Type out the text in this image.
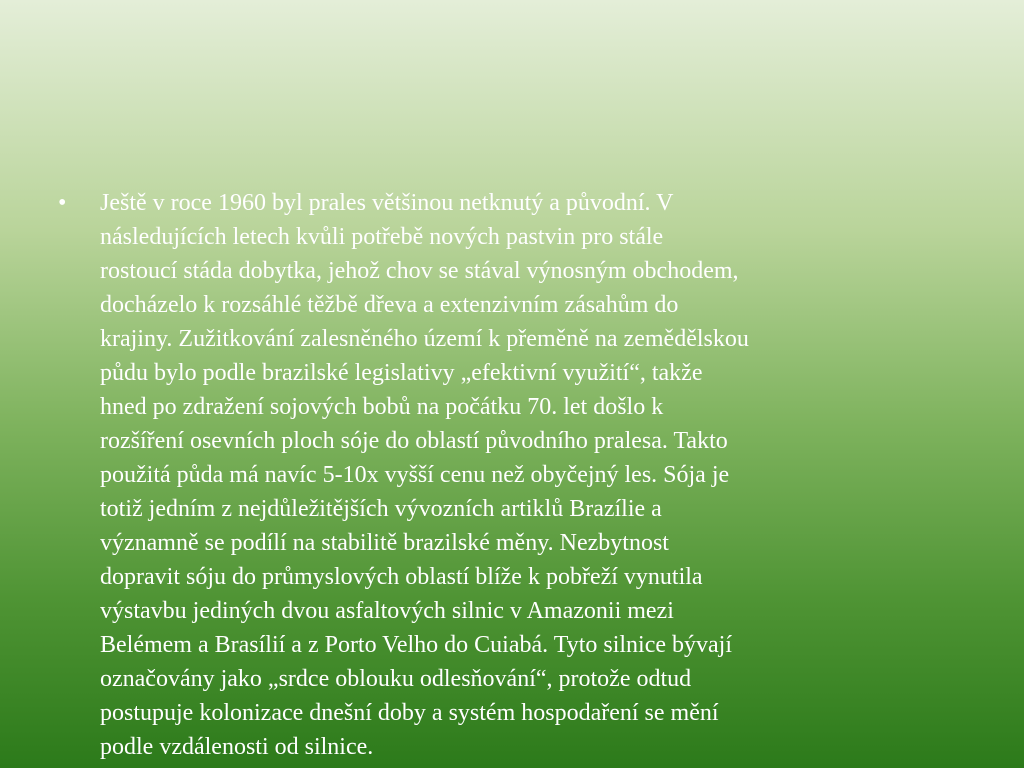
•	Ještě v roce 1960 byl prales většinou netknutý a původní. V
následujících letech kvůli potřebě nových pastvin pro stále
rostoucí stáda dobytka, jehož chov se stával výnosným obchodem,
docházelo k rozsáhlé těžbě dřeva a extenzivním zásahům do
krajiny. Zužitkování zalesněného území k přeměně na zemědělskou
půdu bylo podle brazilské legislativy „efektivní využití“, takže
hned po zdražení sojových bobů na počátku 70. let došlo k
rozšíření osevních ploch sóje do oblastí původního pralesa. Takto
použitá půda má navíc 5-10x vyšší cenu než obyčejný les. Sója je
totiž jedním z nejdůležitějších vývozních artiklů Brazílie a
významně se podílí na stabilitě brazilské měny. Nezbytnost
dopravit sóju do průmyslových oblastí blíže k pobřeží vynutila
výstavbu jediných dvou asfaltových silnic v Amazonii mezi
Belémem a Brasílií a z Porto Velho do Cuiabá. Tyto silnice bývají
označovány jako „srdce oblouku odlesňování“, protože odtud
postupuje kolonizace dnešní doby a systém hospodaření se mění
podle vzdálenosti od silnice.
